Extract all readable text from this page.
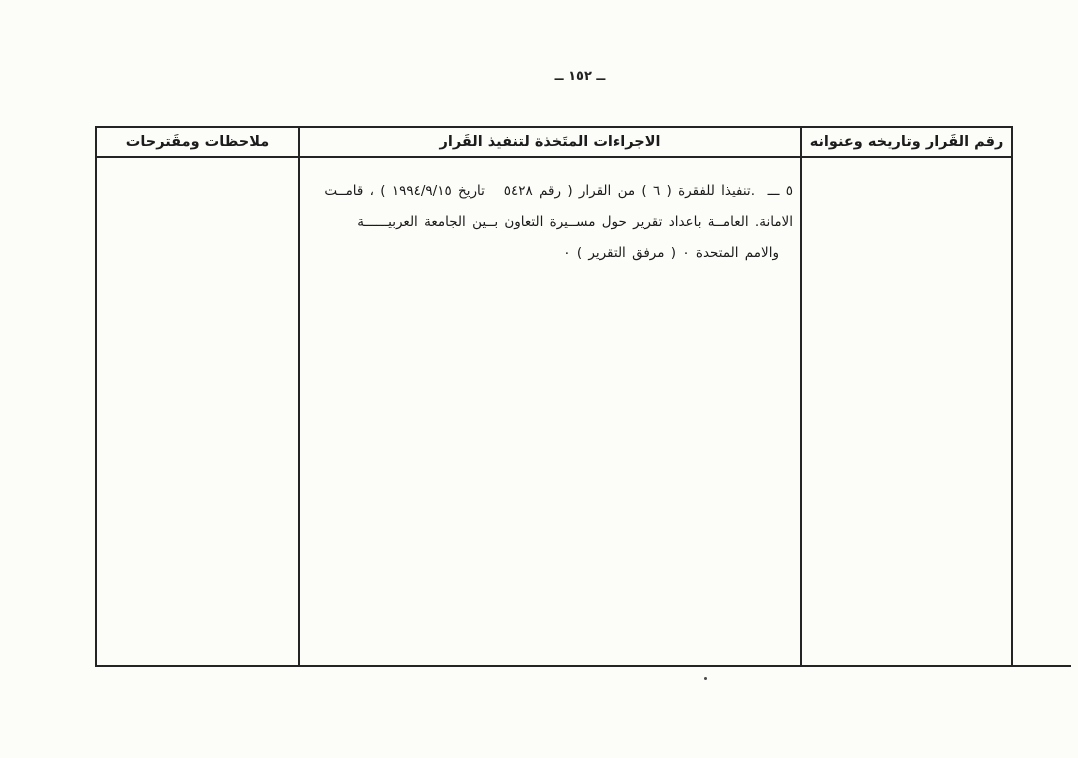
ــ ١٥٢ ــ
ملاحظات ومقَترحات	الاجراءات المتَخذة لتنفيذ القَرار	رقم القَرار وتاريخه وعنوانه
٥ ـــ  .تنفيذا للفقرة ( ٦ ) من القرار ( رقم ٥٤٢٨   تاريخ ١٩٩٤/٩/١٥ ) ، قامــت
الامانة. العامــة باعداد تقرير حول مســيرة التعاون بــين الجامعة العربيــــــة
والامم المتحدة ٠ ( مرفق التقرير ) ٠
